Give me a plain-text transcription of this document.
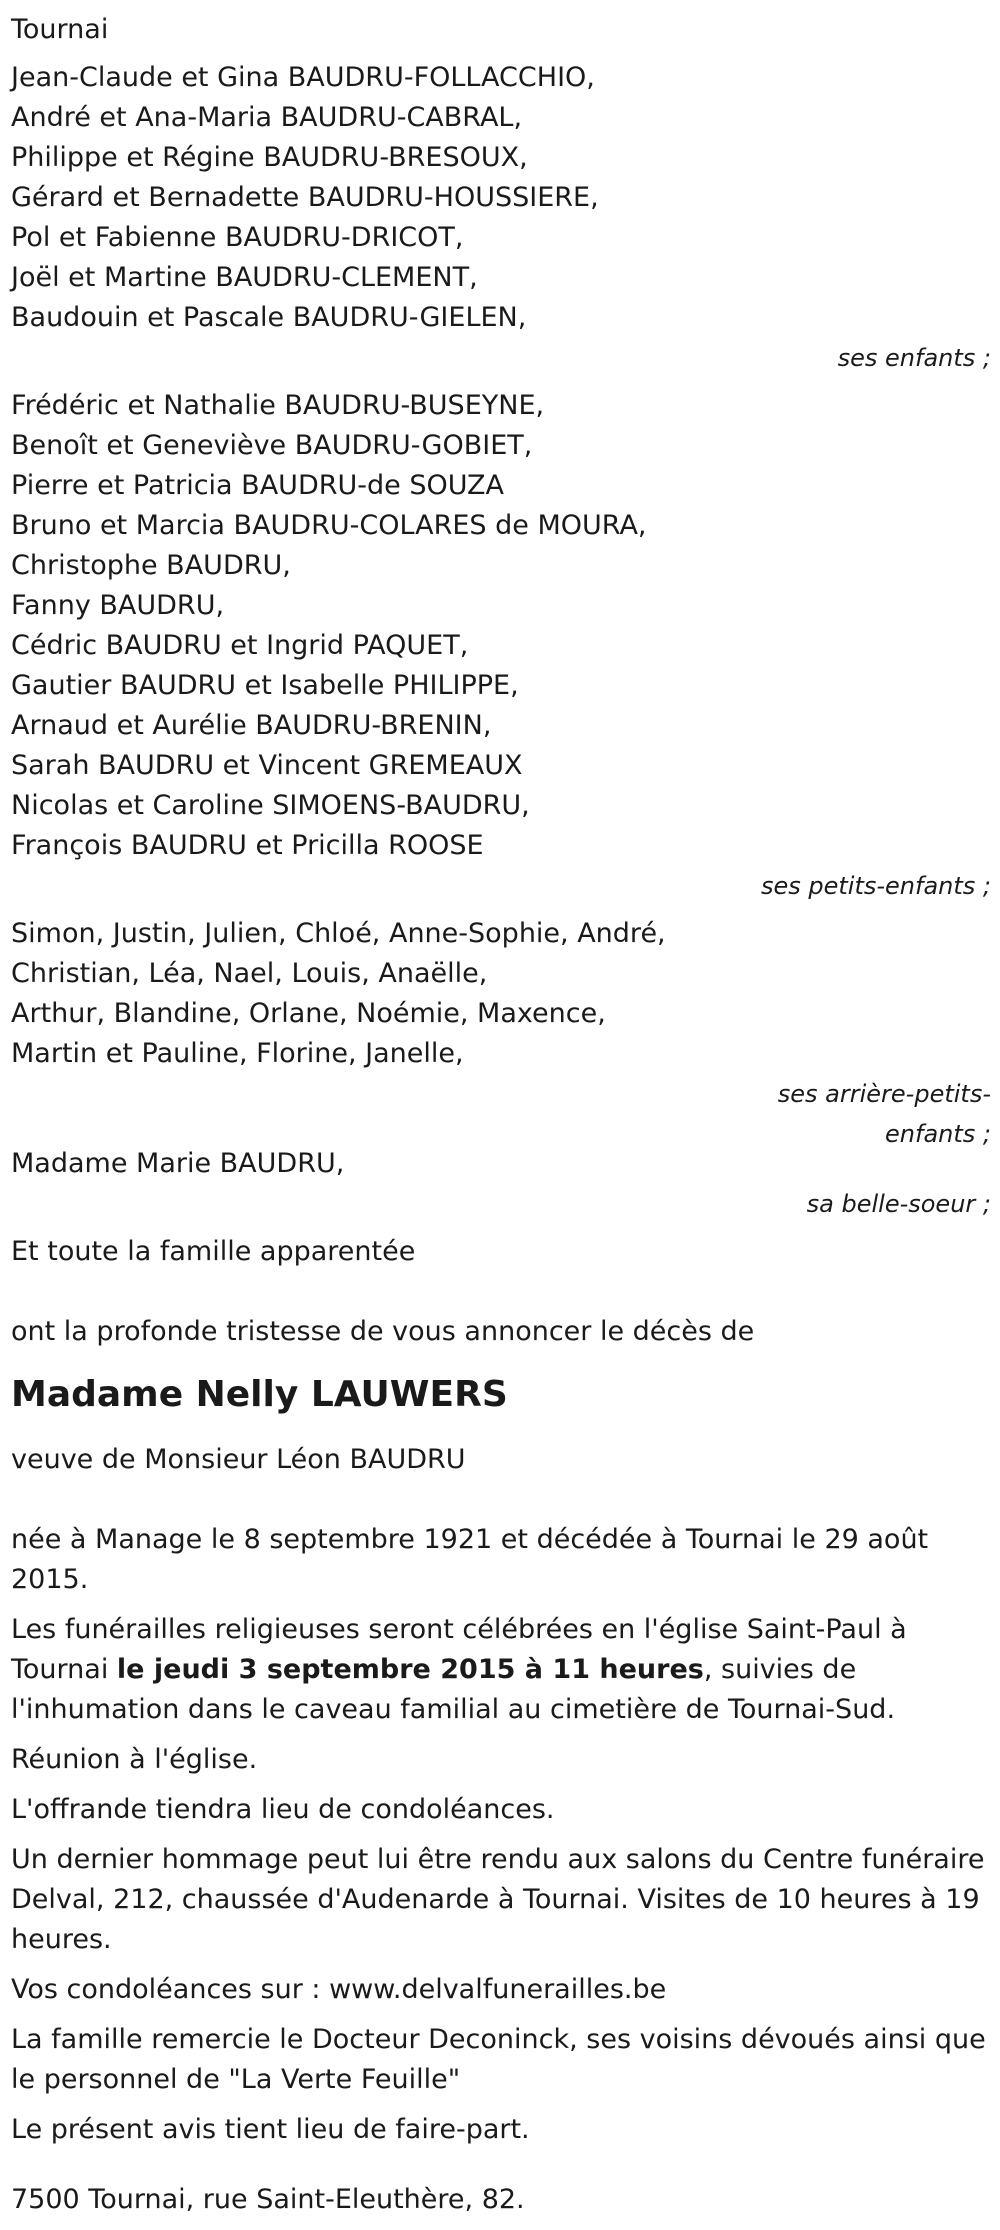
Tournai
Jean-Claude et Gina BAUDRU-FOLLACCHIO,
André et Ana-Maria BAUDRU-CABRAL,
Philippe et Régine BAUDRU-BRESOUX,
Gérard et Bernadette BAUDRU-HOUSSIERE,
Pol et Fabienne BAUDRU-DRICOT,
Joël et Martine BAUDRU-CLEMENT,
Baudouin et Pascale BAUDRU-GIELEN,
ses enfants ;
Frédéric et Nathalie BAUDRU-BUSEYNE,
Benoît et Geneviève BAUDRU-GOBIET,
Pierre et Patricia BAUDRU-de SOUZA
Bruno et Marcia BAUDRU-COLARES de MOURA,
Christophe BAUDRU,
Fanny BAUDRU,
Cédric BAUDRU et Ingrid PAQUET,
Gautier BAUDRU et Isabelle PHILIPPE,
Arnaud et Aurélie BAUDRU-BRENIN,
Sarah BAUDRU et Vincent GREMEAUX
Nicolas et Caroline SIMOENS-BAUDRU,
François BAUDRU et Pricilla ROOSE
ses petits-enfants ;
Simon, Justin, Julien, Chloé, Anne-Sophie, André,
Christian, Léa, Nael, Louis, Anaëlle,
Arthur, Blandine, Orlane, Noémie, Maxence,
Martin et Pauline, Florine, Janelle,
ses arrière-petits-
enfants ;
Madame Marie BAUDRU,
sa belle-soeur ;
Et toute la famille apparentée
ont la profonde tristesse de vous annoncer le décès de
Madame Nelly LAUWERS
veuve de Monsieur Léon BAUDRU
née à Manage le 8 septembre 1921 et décédée à Tournai le 29 août 2015.
Les funérailles religieuses seront célébrées en l'église Saint-Paul à Tournai le jeudi 3 septembre 2015 à 11 heures, suivies de l'inhumation dans le caveau familial au cimetière de Tournai-Sud.
Réunion à l'église.
L'offrande tiendra lieu de condoléances.
Un dernier hommage peut lui être rendu aux salons du Centre funéraire Delval, 212, chaussée d'Audenarde à Tournai. Visites de 10 heures à 19 heures.
Vos condoléances sur : www.delvalfunerailles.be
La famille remercie le Docteur Deconinck, ses voisins dévoués ainsi que le personnel de "La Verte Feuille"
Le présent avis tient lieu de faire-part.
7500 Tournai, rue Saint-Eleuthère, 82.
